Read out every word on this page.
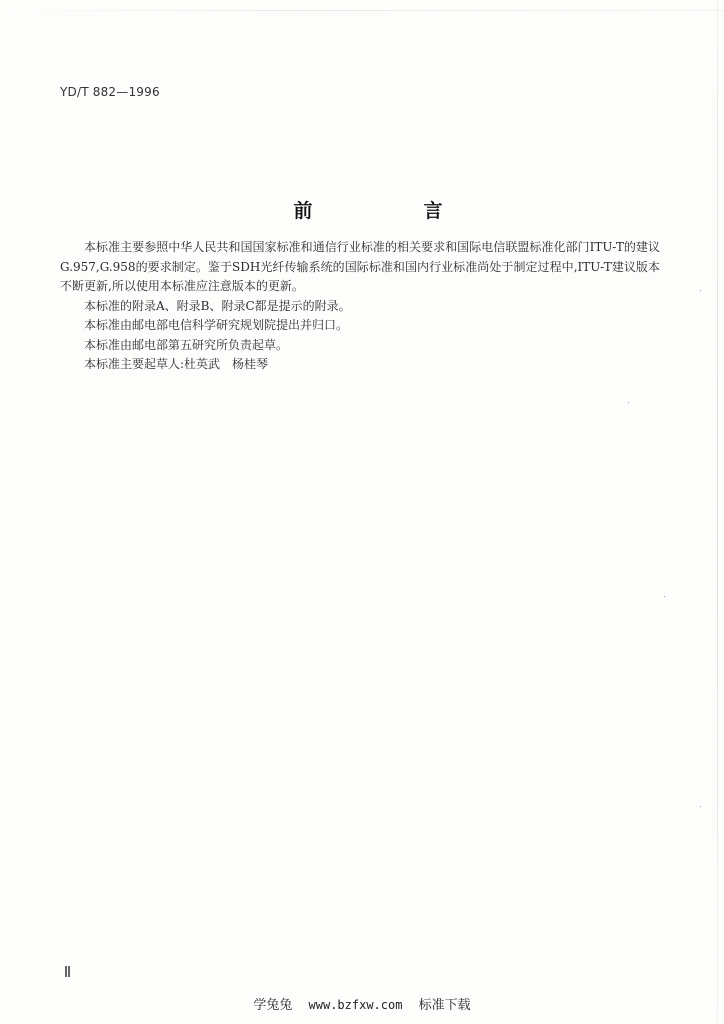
YD/T 882—1996
前　言

本标准主要参照中华人民共和国国家标准和通信行业标准的相关要求和国际电信联盟标准化部门ITU-T的建议G.957,G.958的要求制定。鉴于SDH光纤传输系统的国际标准和国内行业标准尚处于制定过程中,ITU-T建议版本不断更新,所以使用本标准应注意版本的更新。

本标准的附录A、附录B、附录C都是提示的附录。

本标准由邮电部电信科学研究规划院提出并归口。

本标准由邮电部第五研究所负责起草。

本标准主要起草人:杜英武　杨桂琴

学兔兔 www.bzfxw.com 标准下载
